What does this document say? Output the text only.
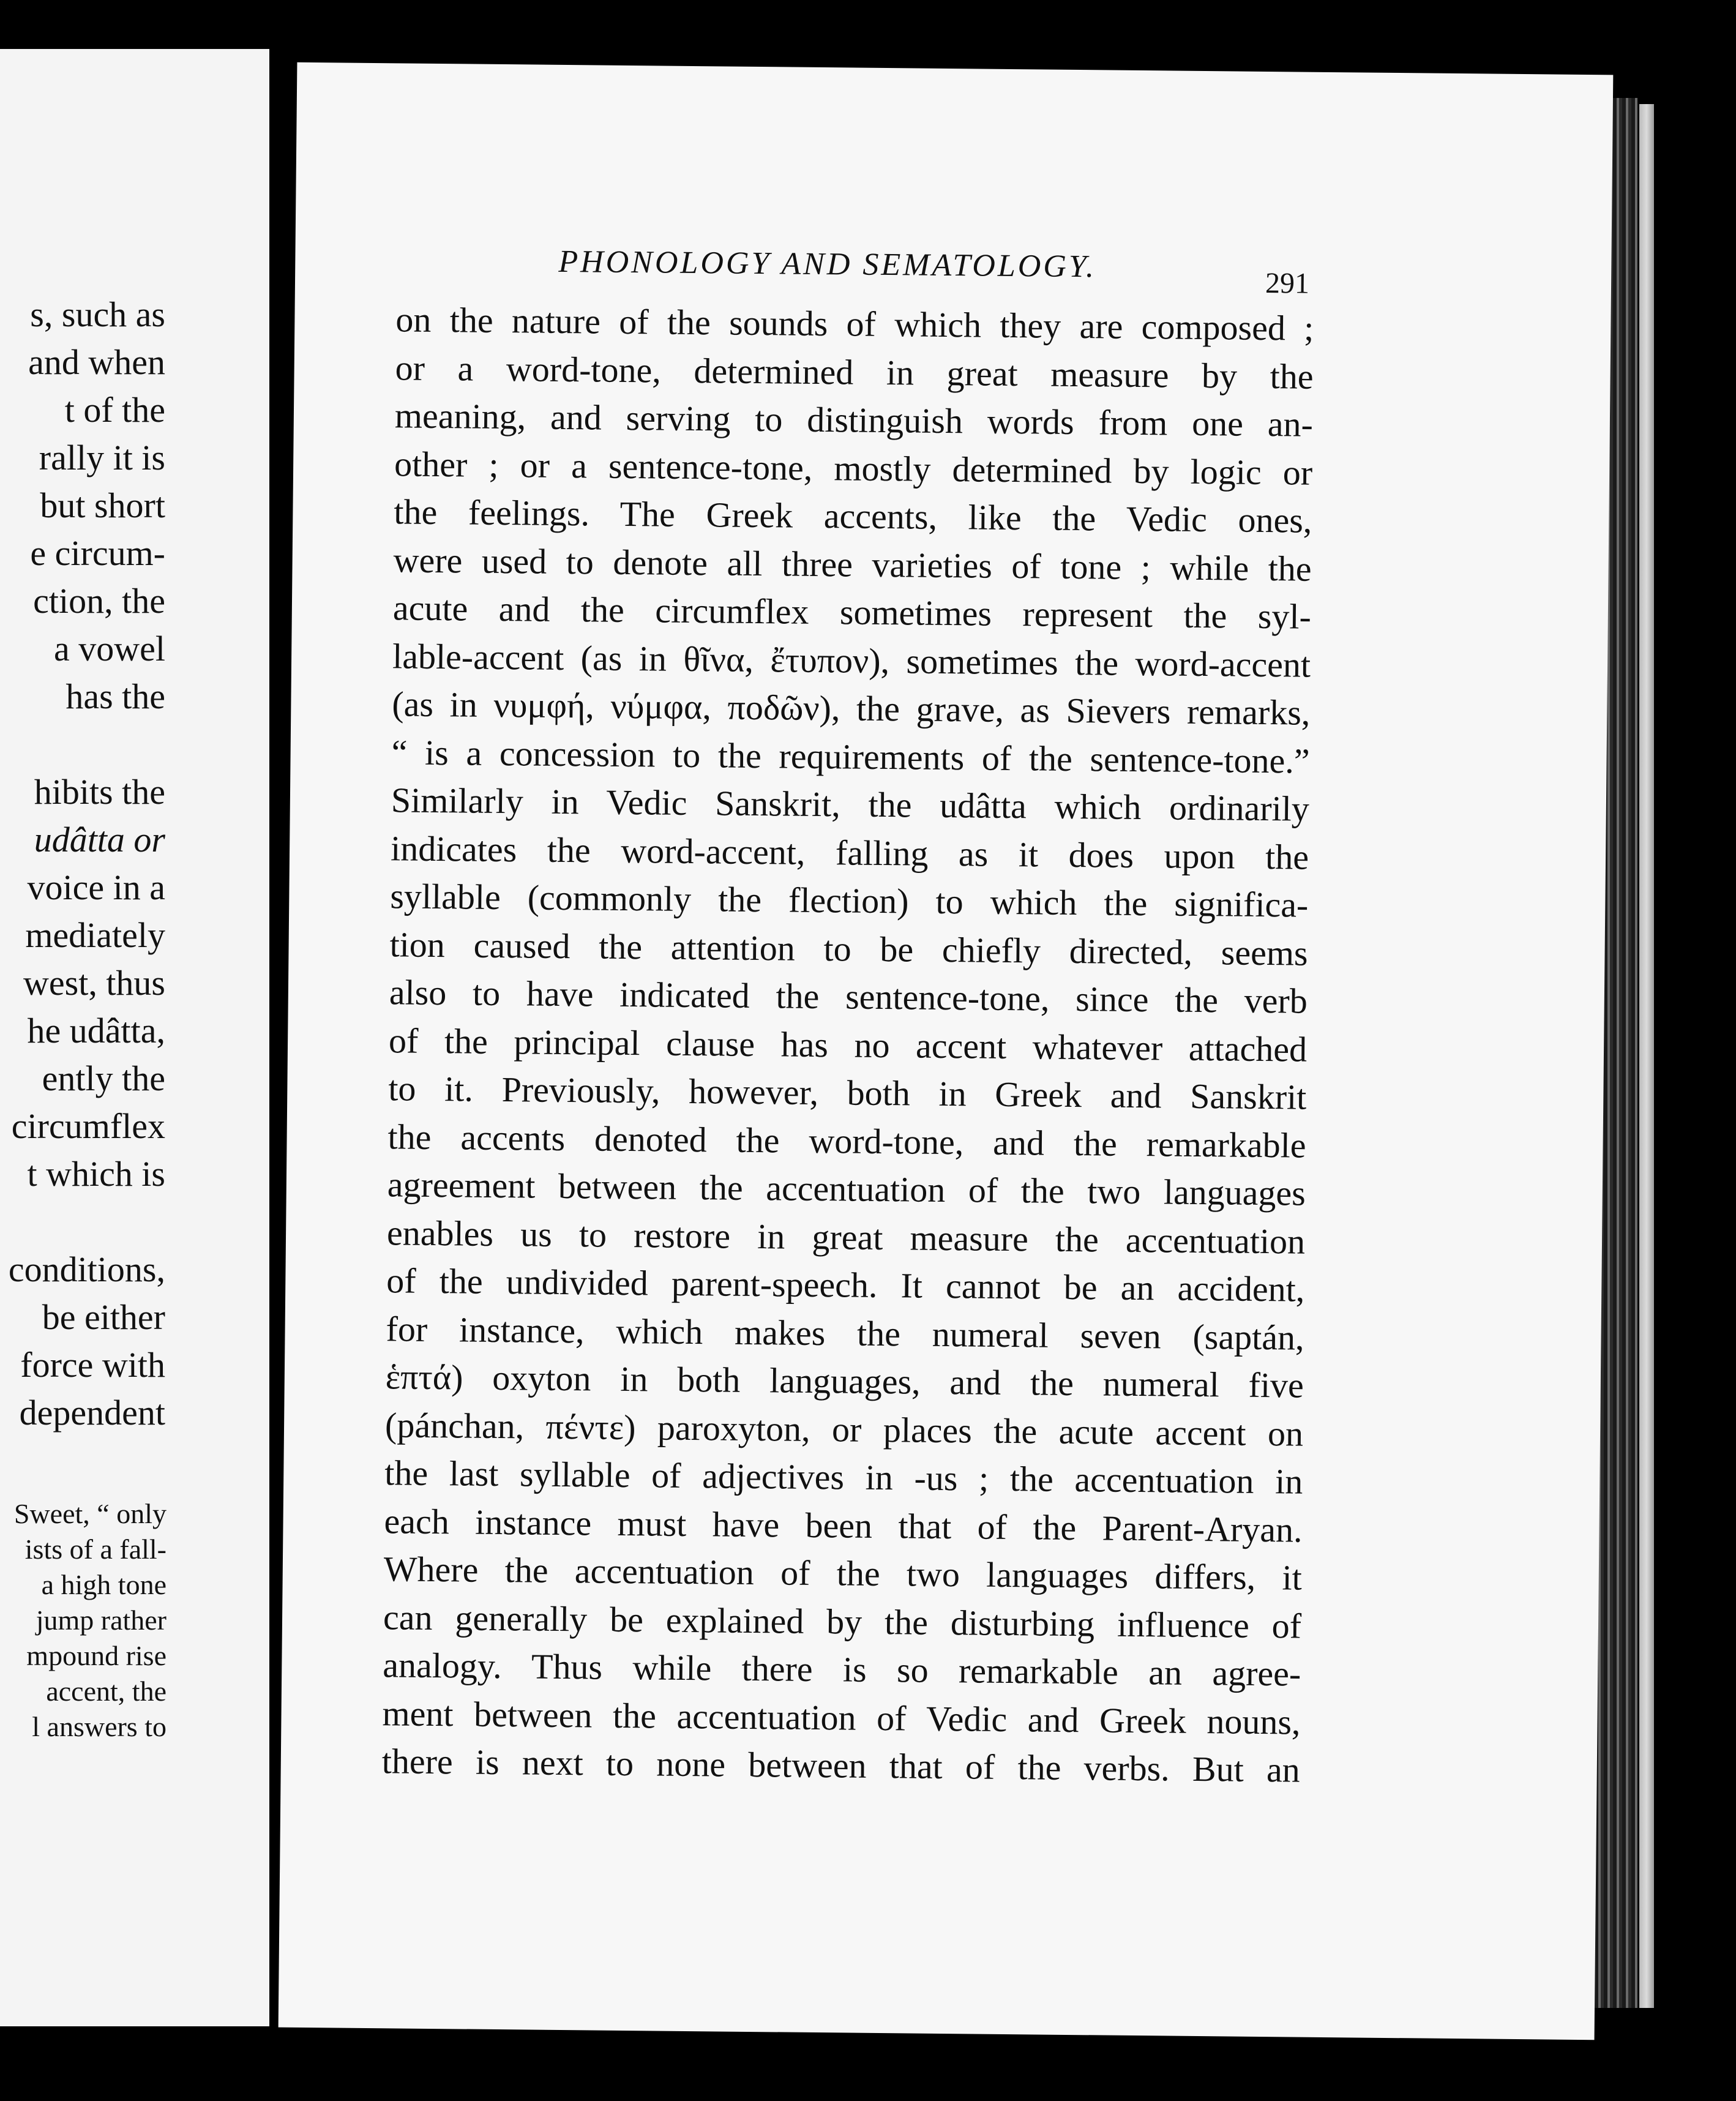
s, such as
and when
t of the
rally it is
but short
e circum-
ction, the
a vowel
has the
hibits the
udâtta or
voice in a
mediately
west, thus
he udâtta,
ently the
circumflex
t which is
conditions,
be either
force with
dependent
Sweet, “ only
ists of a fall-
a high tone
jump rather
mpound rise
accent, the
l answers to
PHONOLOGY AND SEMATOLOGY.	291
on the nature of the sounds of which they are composed ;
or a word-tone, determined in great measure by the
meaning, and serving to distinguish words from one an-
other ; or a sentence-tone, mostly determined by logic or
the feelings. The Greek accents, like the Vedic ones,
were used to denote all three varieties of tone ; while the
acute and the circumflex sometimes represent the syl-
lable-accent (as in θῖνα, ἔτυπον), sometimes the word-accent
(as in νυμφή, νύμφα, ποδῶν), the grave, as Sievers remarks,
“ is a concession to the requirements of the sentence-tone.”
Similarly in Vedic Sanskrit, the udâtta which ordinarily
indicates the word-accent, falling as it does upon the
syllable (commonly the flection) to which the significa-
tion caused the attention to be chiefly directed, seems
also to have indicated the sentence-tone, since the verb
of the principal clause has no accent whatever attached
to it. Previously, however, both in Greek and Sanskrit
the accents denoted the word-tone, and the remarkable
agreement between the accentuation of the two languages
enables us to restore in great measure the accentuation
of the undivided parent-speech. It cannot be an accident,
for instance, which makes the numeral seven (saptán,
ἑπτά) oxyton in both languages, and the numeral five
(pánchan, πέντε) paroxyton, or places the acute accent on
the last syllable of adjectives in -us ; the accentuation in
each instance must have been that of the Parent-Aryan.
Where the accentuation of the two languages differs, it
can generally be explained by the disturbing influence of
analogy. Thus while there is so remarkable an agree-
ment between the accentuation of Vedic and Greek nouns,
there is next to none between that of the verbs. But an
